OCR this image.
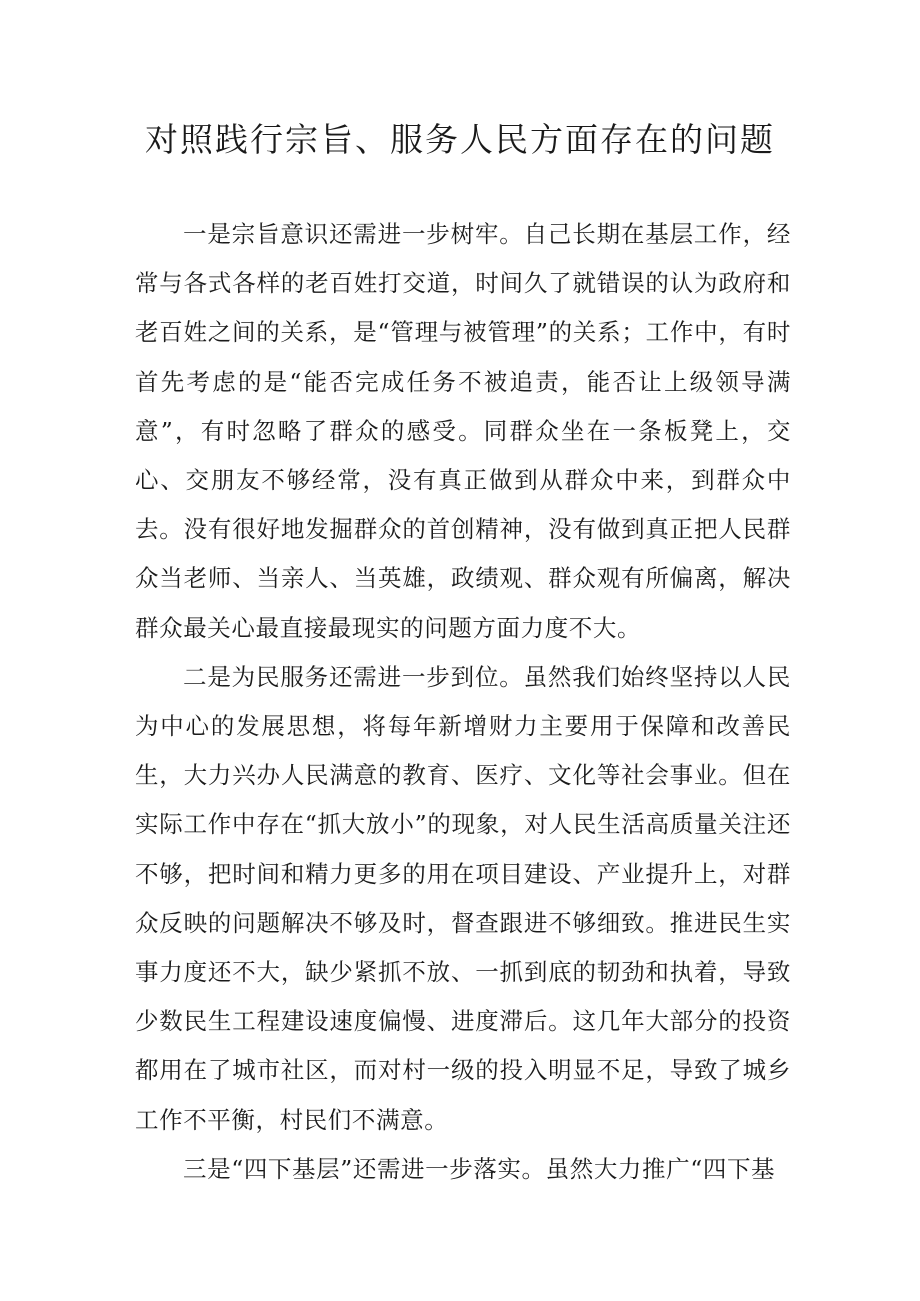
对照践行宗旨、服务人民方面存在的问题

一是宗旨意识还需进一步树牢。自己长期在基层工作，经常与各式各样的老百姓打交道，时间久了就错误的认为政府和老百姓之间的关系，是“管理与被管理”的关系；工作中，有时首先考虑的是“能否完成任务不被追责，能否让上级领导满意”，有时忽略了群众的感受。同群众坐在一条板凳上，交心、交朋友不够经常，没有真正做到从群众中来，到群众中去。没有很好地发掘群众的首创精神，没有做到真正把人民群众当老师、当亲人、当英雄，政绩观、群众观有所偏离，解决群众最关心最直接最现实的问题方面力度不大。

二是为民服务还需进一步到位。虽然我们始终坚持以人民为中心的发展思想，将每年新增财力主要用于保障和改善民生，大力兴办人民满意的教育、医疗、文化等社会事业。但在实际工作中存在“抓大放小”的现象，对人民生活高质量关注还不够，把时间和精力更多的用在项目建设、产业提升上，对群众反映的问题解决不够及时，督查跟进不够细致。推进民生实事力度还不大，缺少紧抓不放、一抓到底的韧劲和执着，导致少数民生工程建设速度偏慢、进度滞后。这几年大部分的投资都用在了城市社区，而对村一级的投入明显不足，导致了城乡工作不平衡，村民们不满意。

三是“四下基层”还需进一步落实。虽然大力推广“四下基
